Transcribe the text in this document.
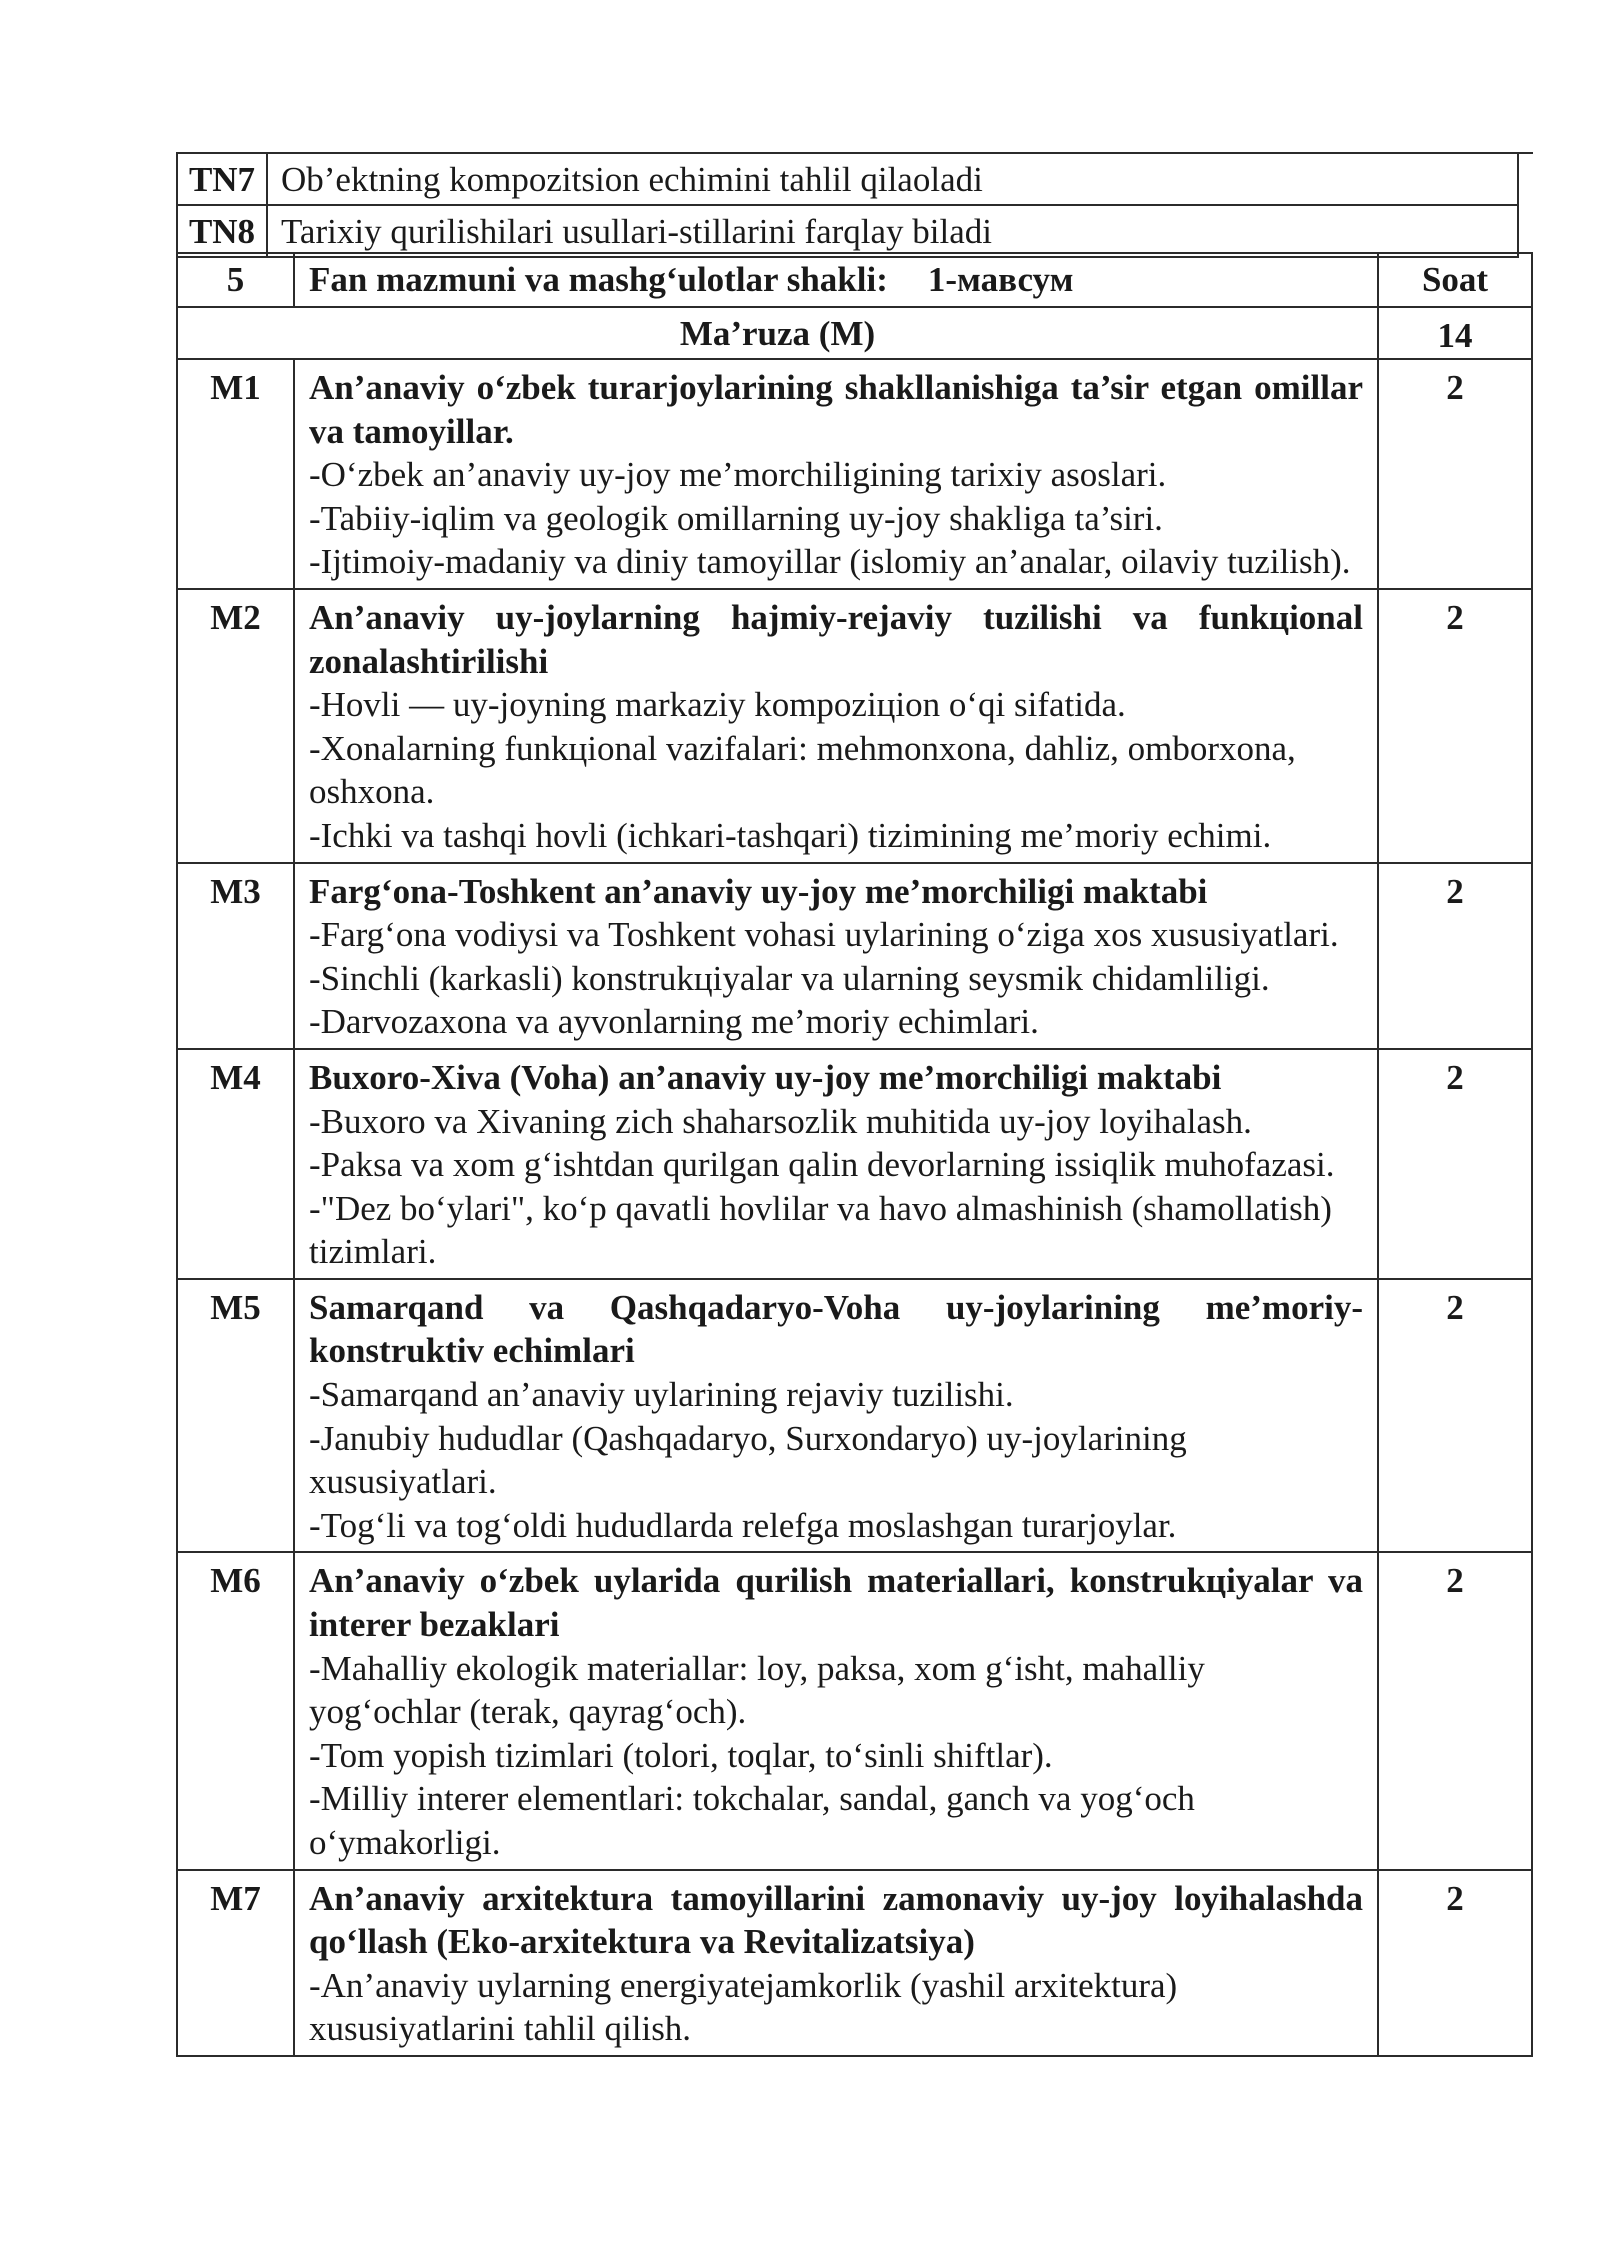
TN7	Ob’ektning kompozitsion echimini tahlil qilaoladi	
TN8	Tarixiy qurilishilari usullari-stillarini farqlay biladi	
5	Fan mazmuni va mashg‘ulotlar shakli: 1-мавсум	Soat
Ma’ruza (M)		14
M1	An’anaviy o‘zbek turarjoylarining shakllanishiga ta’sir etgan omillar va tamoyillar.
-O‘zbek an’anaviy uy-joy me’morchiligining tarixiy asoslari.
-Tabiiy-iqlim va geologik omillarning uy-joy shakliga ta’siri.
-Ijtimoiy-madaniy va diniy tamoyillar (islomiy an’analar, oilaviy tuzilish).	2
M2	An’anaviy uy-joylarning hajmiy-rejaviy tuzilishi va funkцional zonalashtirilishi
-Hovli — uy-joyning markaziy kompoziцion o‘qi sifatida.
-Xonalarning funkцional vazifalari: mehmonxona, dahliz, omborxona, oshxona.
-Ichki va tashqi hovli (ichkari-tashqari) tizimining me’moriy echimi.	2
M3	Farg‘ona-Toshkent an’anaviy uy-joy me’morchiligi maktabi
-Farg‘ona vodiysi va Toshkent vohasi uylarining o‘ziga xos xususiyatlari.
-Sinchli (karkasli) konstrukцiyalar va ularning seysmik chidamliligi.
-Darvozaxona va ayvonlarning me’moriy echimlari.	2
M4	Buxoro-Xiva (Voha) an’anaviy uy-joy me’morchiligi maktabi
-Buxoro va Xivaning zich shaharsozlik muhitida uy-joy loyihalash.
-Paksa va xom g‘ishtdan qurilgan qalin devorlarning issiqlik muhofazasi.
-"Dez bo‘ylari", ko‘p qavatli hovlilar va havo almashinish (shamollatish) tizimlari.	2
M5	Samarqand va Qashqadaryo-Voha uy-joylarining me’moriy-konstruktiv echimlari
-Samarqand an’anaviy uylarining rejaviy tuzilishi.
-Janubiy hududlar (Qashqadaryo, Surxondaryo) uy-joylarining xususiyatlari.
-Tog‘li va tog‘oldi hududlarda relefga moslashgan turarjoylar.	2
M6	An’anaviy o‘zbek uylarida qurilish materiallari, konstrukцiyalar va interer bezaklari
-Mahalliy ekologik materiallar: loy, paksa, xom g‘isht, mahalliy yog‘ochlar (terak, qayrag‘och).
-Tom yopish tizimlari (tolori, toqlar, to‘sinli shiftlar).
-Milliy interer elementlari: tokchalar, sandal, ganch va yog‘och o‘ymakorligi.	2
M7	An’anaviy arxitektura tamoyillarini zamonaviy uy-joy loyihalashda qo‘llash (Eko-arxitektura va Revitalizatsiya)
-An’anaviy uylarning energiyatejamkorlik (yashil arxitektura) xususiyatlarini tahlil qilish.	2
